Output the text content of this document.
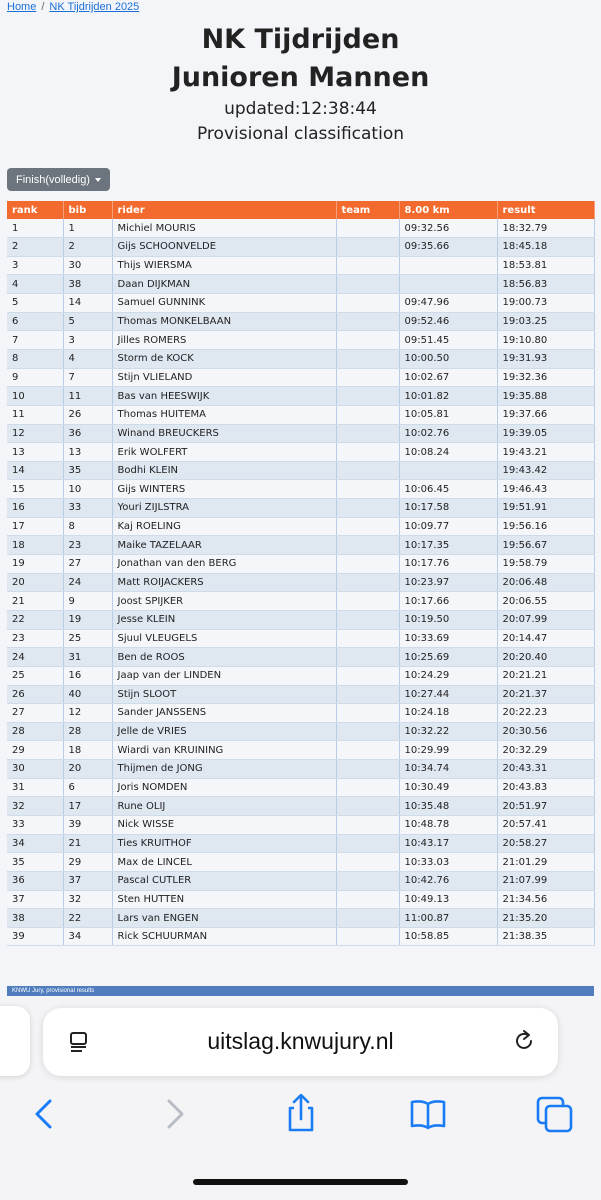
Home / NK Tijdrijden 2025
NK Tijdrijden
Junioren Mannen
updated:12:38:44
Provisional classification
Finish(volledig)
rank	bib	rider	team	8.00 km	result
1	1	Michiel MOURIS		09:32.56	18:32.79
2	2	Gijs SCHOONVELDE		09:35.66	18:45.18
3	30	Thijs WIERSMA			18:53.81
4	38	Daan DIJKMAN			18:56.83
5	14	Samuel GUNNINK		09:47.96	19:00.73
6	5	Thomas MONKELBAAN		09:52.46	19:03.25
7	3	Jilles ROMERS		09:51.45	19:10.80
8	4	Storm de KOCK		10:00.50	19:31.93
9	7	Stijn VLIELAND		10:02.67	19:32.36
10	11	Bas van HEESWIJK		10:01.82	19:35.88
11	26	Thomas HUITEMA		10:05.81	19:37.66
12	36	Winand BREUCKERS		10:02.76	19:39.05
13	13	Erik WOLFERT		10:08.24	19:43.21
14	35	Bodhi KLEIN			19:43.42
15	10	Gijs WINTERS		10:06.45	19:46.43
16	33	Youri ZIJLSTRA		10:17.58	19:51.91
17	8	Kaj ROELING		10:09.77	19:56.16
18	23	Maike TAZELAAR		10:17.35	19:56.67
19	27	Jonathan van den BERG		10:17.76	19:58.79
20	24	Matt ROIJACKERS		10:23.97	20:06.48
21	9	Joost SPIJKER		10:17.66	20:06.55
22	19	Jesse KLEIN		10:19.50	20:07.99
23	25	Sjuul VLEUGELS		10:33.69	20:14.47
24	31	Ben de ROOS		10:25.69	20:20.40
25	16	Jaap van der LINDEN		10:24.29	20:21.21
26	40	Stijn SLOOT		10:27.44	20:21.37
27	12	Sander JANSSENS		10:24.18	20:22.23
28	28	Jelle de VRIES		10:32.22	20:30.56
29	18	Wiardi van KRUINING		10:29.99	20:32.29
30	20	Thijmen de JONG		10:34.74	20:43.31
31	6	Joris NOMDEN		10:30.49	20:43.83
32	17	Rune OLIJ		10:35.48	20:51.97
33	39	Nick WISSE		10:48.78	20:57.41
34	21	Ties KRUITHOF		10:43.17	20:58.27
35	29	Max de LINCEL		10:33.03	21:01.29
36	37	Pascal CUTLER		10:42.76	21:07.99
37	32	Sten HUTTEN		10:49.13	21:34.56
38	22	Lars van ENGEN		11:00.87	21:35.20
39	34	Rick SCHUURMAN		10:58.85	21:38.35
KNWU Jury, provisional results
uitslag.knwujury.nl
